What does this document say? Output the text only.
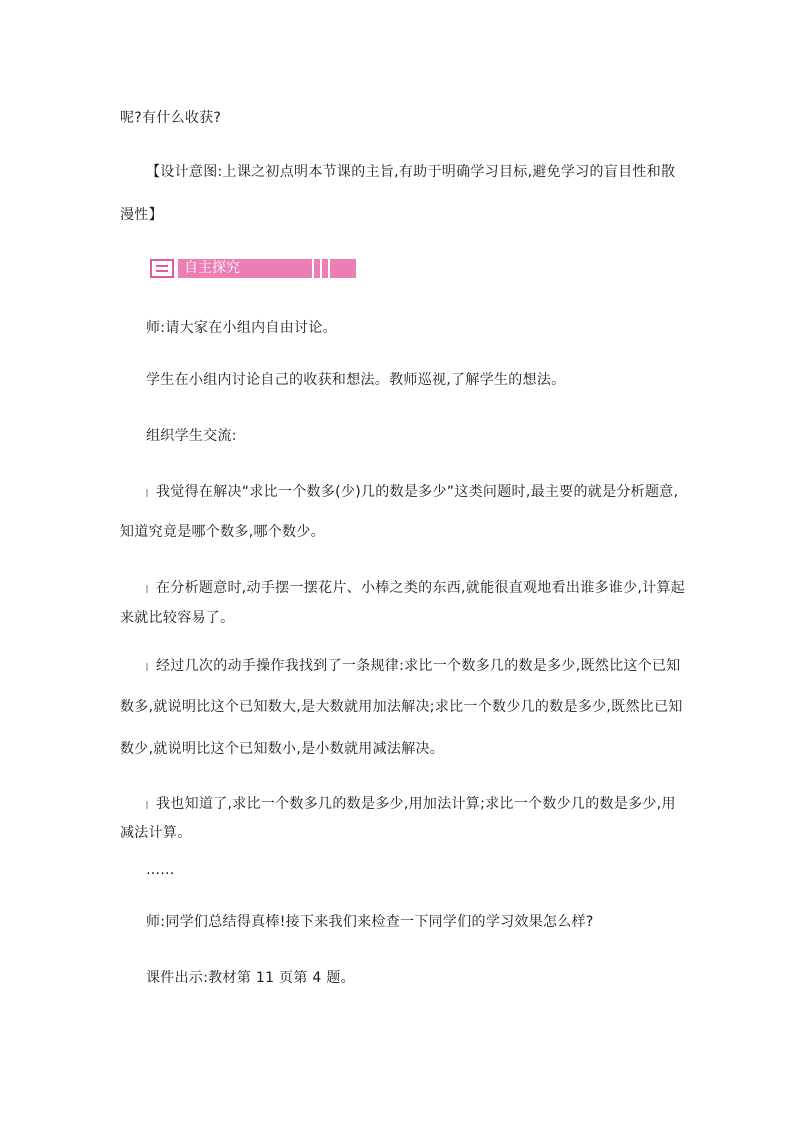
呢?有什么收获?
【设计意图:上课之初点明本节课的主旨,有助于明确学习目标,避免学习的盲目性和散
漫性】
自主探究
师:请大家在小组内自由讨论。
学生在小组内讨论自己的收获和想法。教师巡视,了解学生的想法。
组织学生交流:
我觉得在解决“求比一个数多(少)几的数是多少”这类问题时,最主要的就是分析题意,
知道究竟是哪个数多,哪个数少。
在分析题意时,动手摆一摆花片、小棒之类的东西,就能很直观地看出谁多谁少,计算起
来就比较容易了。
经过几次的动手操作我找到了一条规律:求比一个数多几的数是多少,既然比这个已知
数多,就说明比这个已知数大,是大数就用加法解决;求比一个数少几的数是多少,既然比已知
数少,就说明比这个已知数小,是小数就用减法解决。
我也知道了,求比一个数多几的数是多少,用加法计算;求比一个数少几的数是多少,用
减法计算。
……
师:同学们总结得真棒!接下来我们来检查一下同学们的学习效果怎么样?
课件出示:教材第 11 页第 4 题。
